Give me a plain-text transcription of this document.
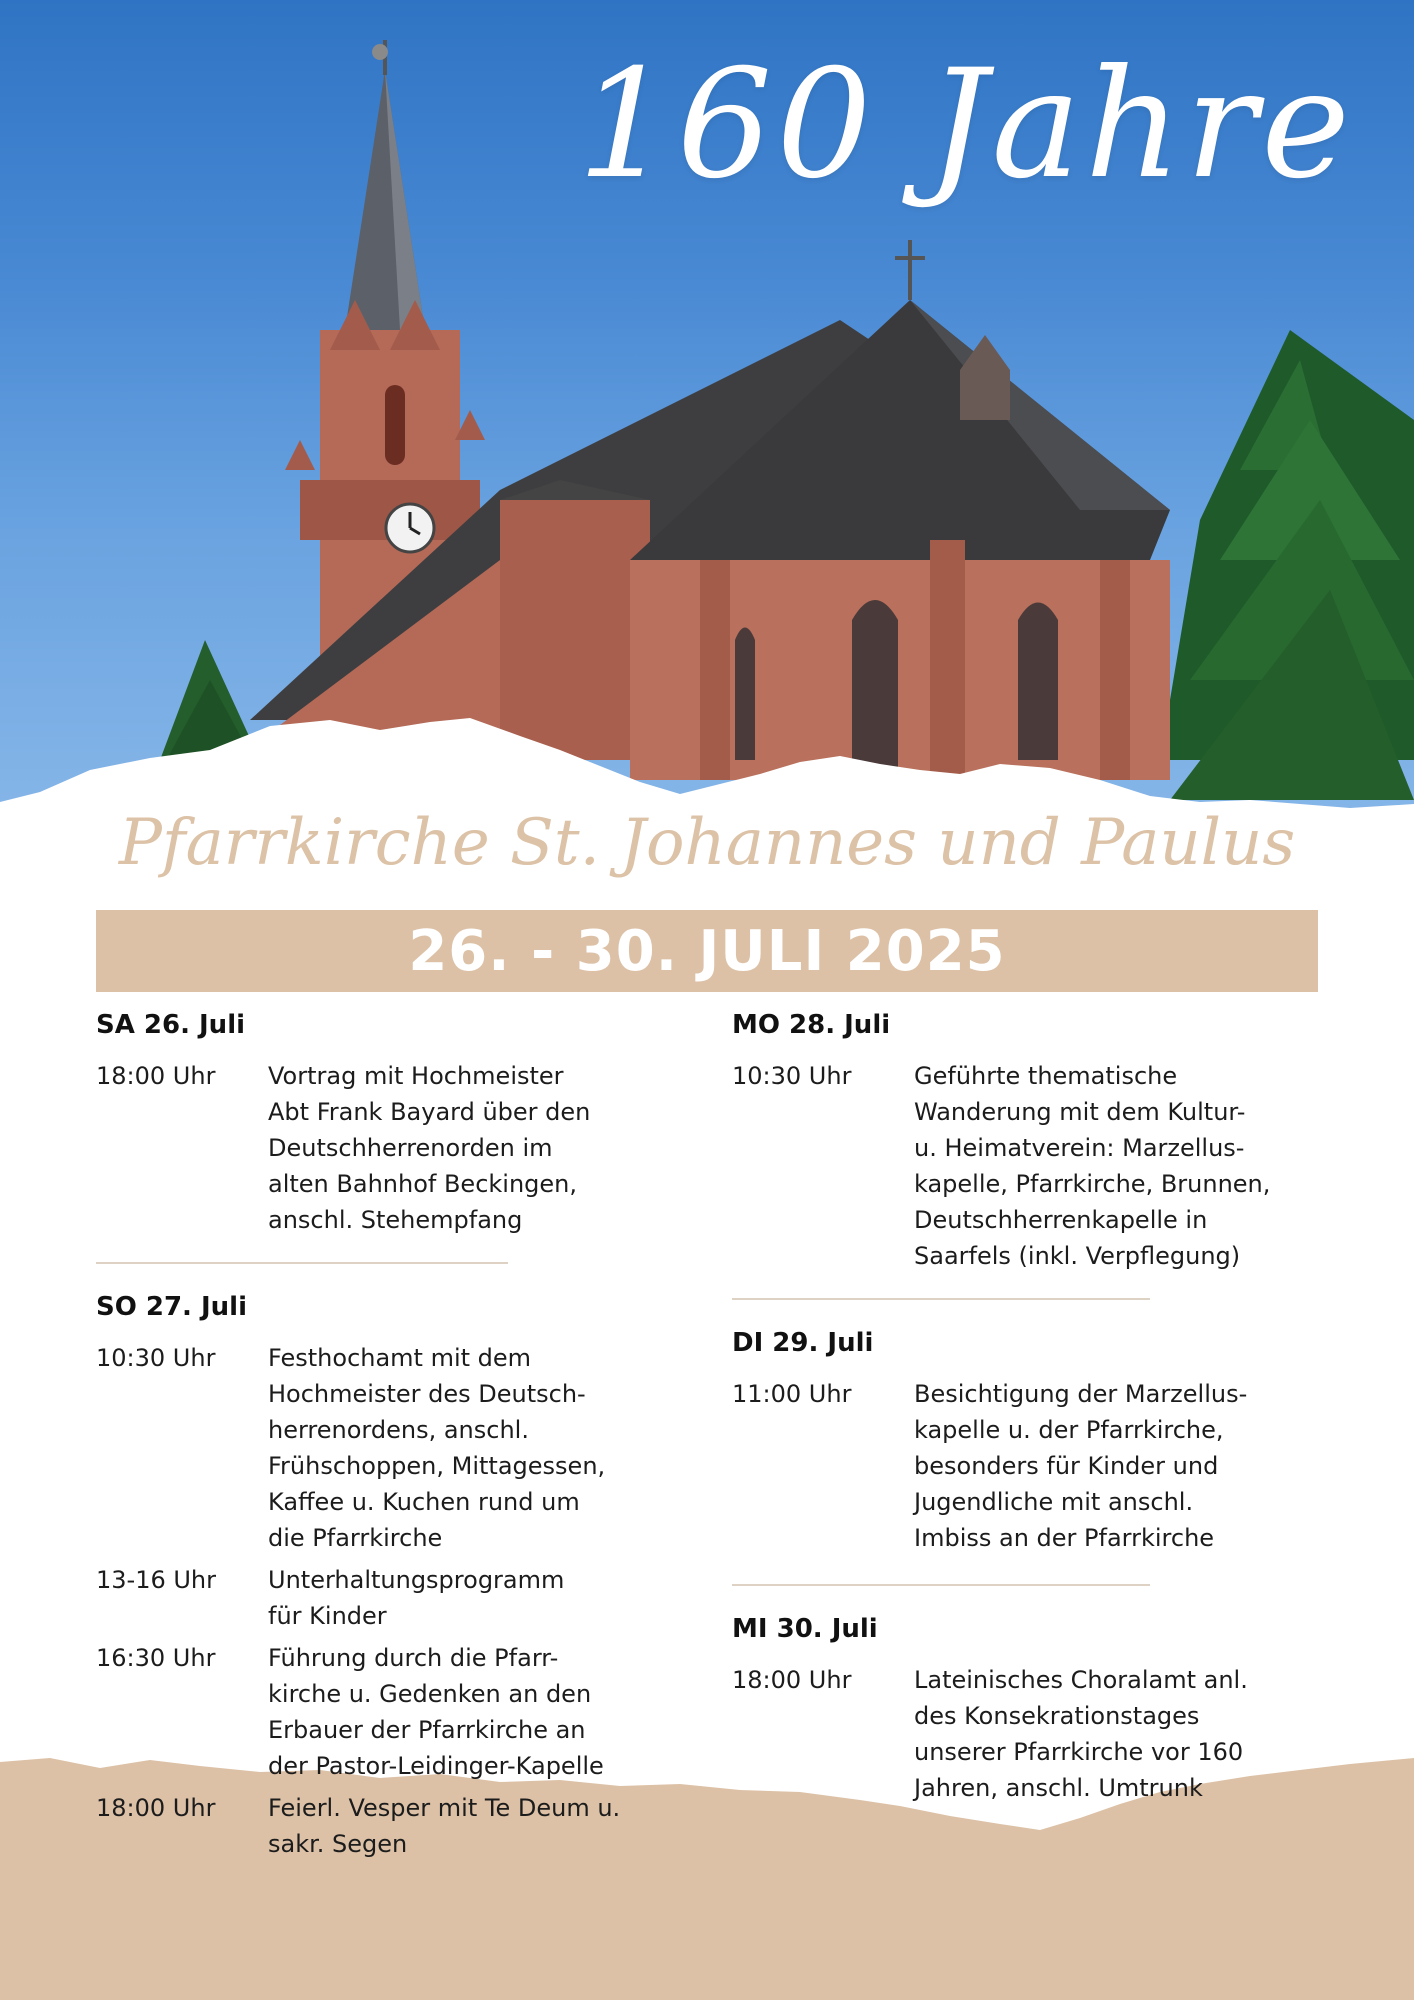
160 Jahre
Pfarrkirche St. Johannes und Paulus
26. - 30. JULI 2025
SA 26. Juli
18:00 Uhr	Vortrag mit Hochmeister
Abt Frank Bayard über den
Deutschherrenorden im
alten Bahnhof Beckingen,
anschl. Stehempfang
SO 27. Juli
10:30 Uhr	Festhochamt mit dem
Hochmeister des Deutsch-
herrenordens, anschl.
Frühschoppen, Mittagessen,
Kaffee u. Kuchen rund um
die Pfarrkirche
13-16 Uhr	Unterhaltungsprogramm
für Kinder
16:30 Uhr	Führung durch die Pfarr-
kirche u. Gedenken an den
Erbauer der Pfarrkirche an
der Pastor-Leidinger-Kapelle
18:00 Uhr	Feierl. Vesper mit Te Deum u.
sakr. Segen
MO 28. Juli
10:30 Uhr	Geführte thematische
Wanderung mit dem Kultur-
u. Heimatverein: Marzellus-
kapelle, Pfarrkirche, Brunnen,
Deutschherrenkapelle in
Saarfels (inkl. Verpflegung)
DI 29. Juli
11:00 Uhr	Besichtigung der Marzellus-
kapelle u. der Pfarrkirche,
besonders für Kinder und
Jugendliche mit anschl.
Imbiss an der Pfarrkirche
MI 30. Juli
18:00 Uhr	Lateinisches Choralamt anl.
des Konsekrationstages
unserer Pfarrkirche vor 160
Jahren, anschl. Umtrunk
